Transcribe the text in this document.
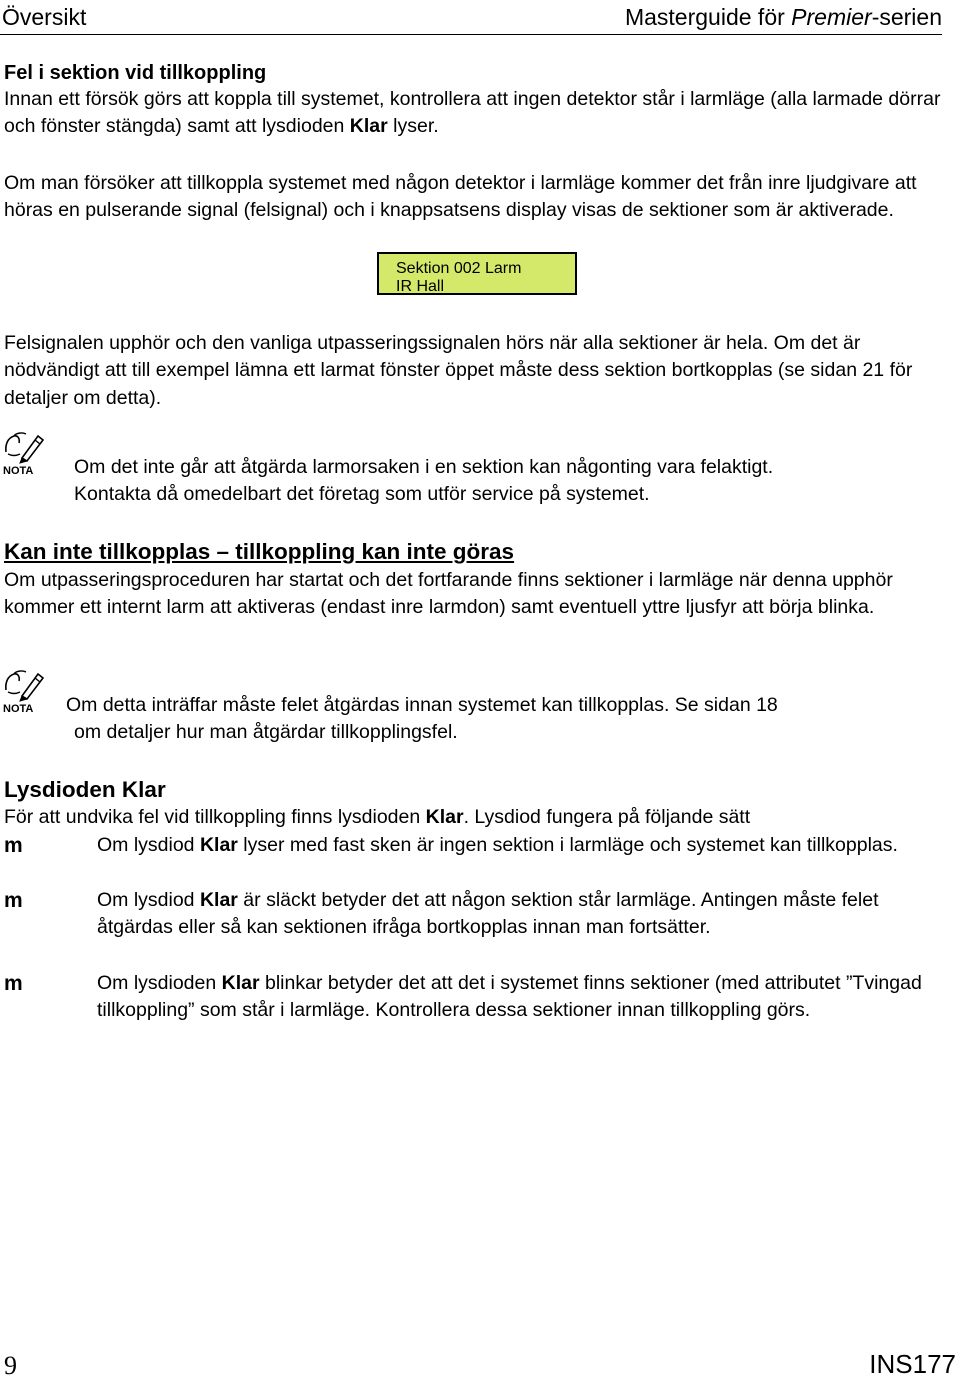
Översikt	Masterguide för Premier-serien
Fel i sektion vid tillkoppling

Innan ett försök görs att koppla till systemet, kontrollera att ingen detektor står i larmläge (alla larmade dörrar och fönster stängda) samt att lysdioden Klar lyser.

Om man försöker att tillkoppla systemet med någon detektor i larmläge kommer det från inre ljudgivare att höras en pulserande signal (felsignal) och i knappsatsens display visas de sektioner som är aktiverade.

Sektion 002 Larm
IR Hall

Felsignalen upphör och den vanliga utpasseringssignalen hörs när alla sektioner är hela. Om det är nödvändigt att till exempel lämna ett larmat fönster öppet måste dess sektion bortkopplas (se sidan 21 för detaljer om detta).

NOTA Om det inte går att åtgärda larmorsaken i en sektion kan någonting vara felaktigt.

Kontakta då omedelbart det företag som utför service på systemet.

Kan inte tillkopplas – tillkoppling kan inte göras

Om utpasseringsproceduren har startat och det fortfarande finns sektioner i larmläge när denna upphör kommer ett internt larm att aktiveras (endast inre larmdon) samt eventuell yttre ljusfyr att börja blinka.

NOTA Om detta inträffar måste felet åtgärdas innan systemet kan tillkopplas. Se sidan 18

om detaljer hur man åtgärdar tillkopplingsfel.

Lysdioden Klar

För att undvika fel vid tillkoppling finns lysdioden Klar. Lysdiod fungera på följande sätt

m	Om lysdiod Klar lyser med fast sken är ingen sektion i larmläge och systemet kan tillkopplas.
m	Om lysdiod Klar är släckt betyder det att någon sektion står larmläge. Antingen måste felet åtgärdas eller så kan sektionen ifråga bortkopplas innan man fortsätter.
m	Om lysdioden Klar blinkar betyder det att det i systemet finns sektioner (med attributet ”Tvingad tillkoppling” som står i larmläge. Kontrollera dessa sektioner innan tillkoppling görs.
9	INS177
